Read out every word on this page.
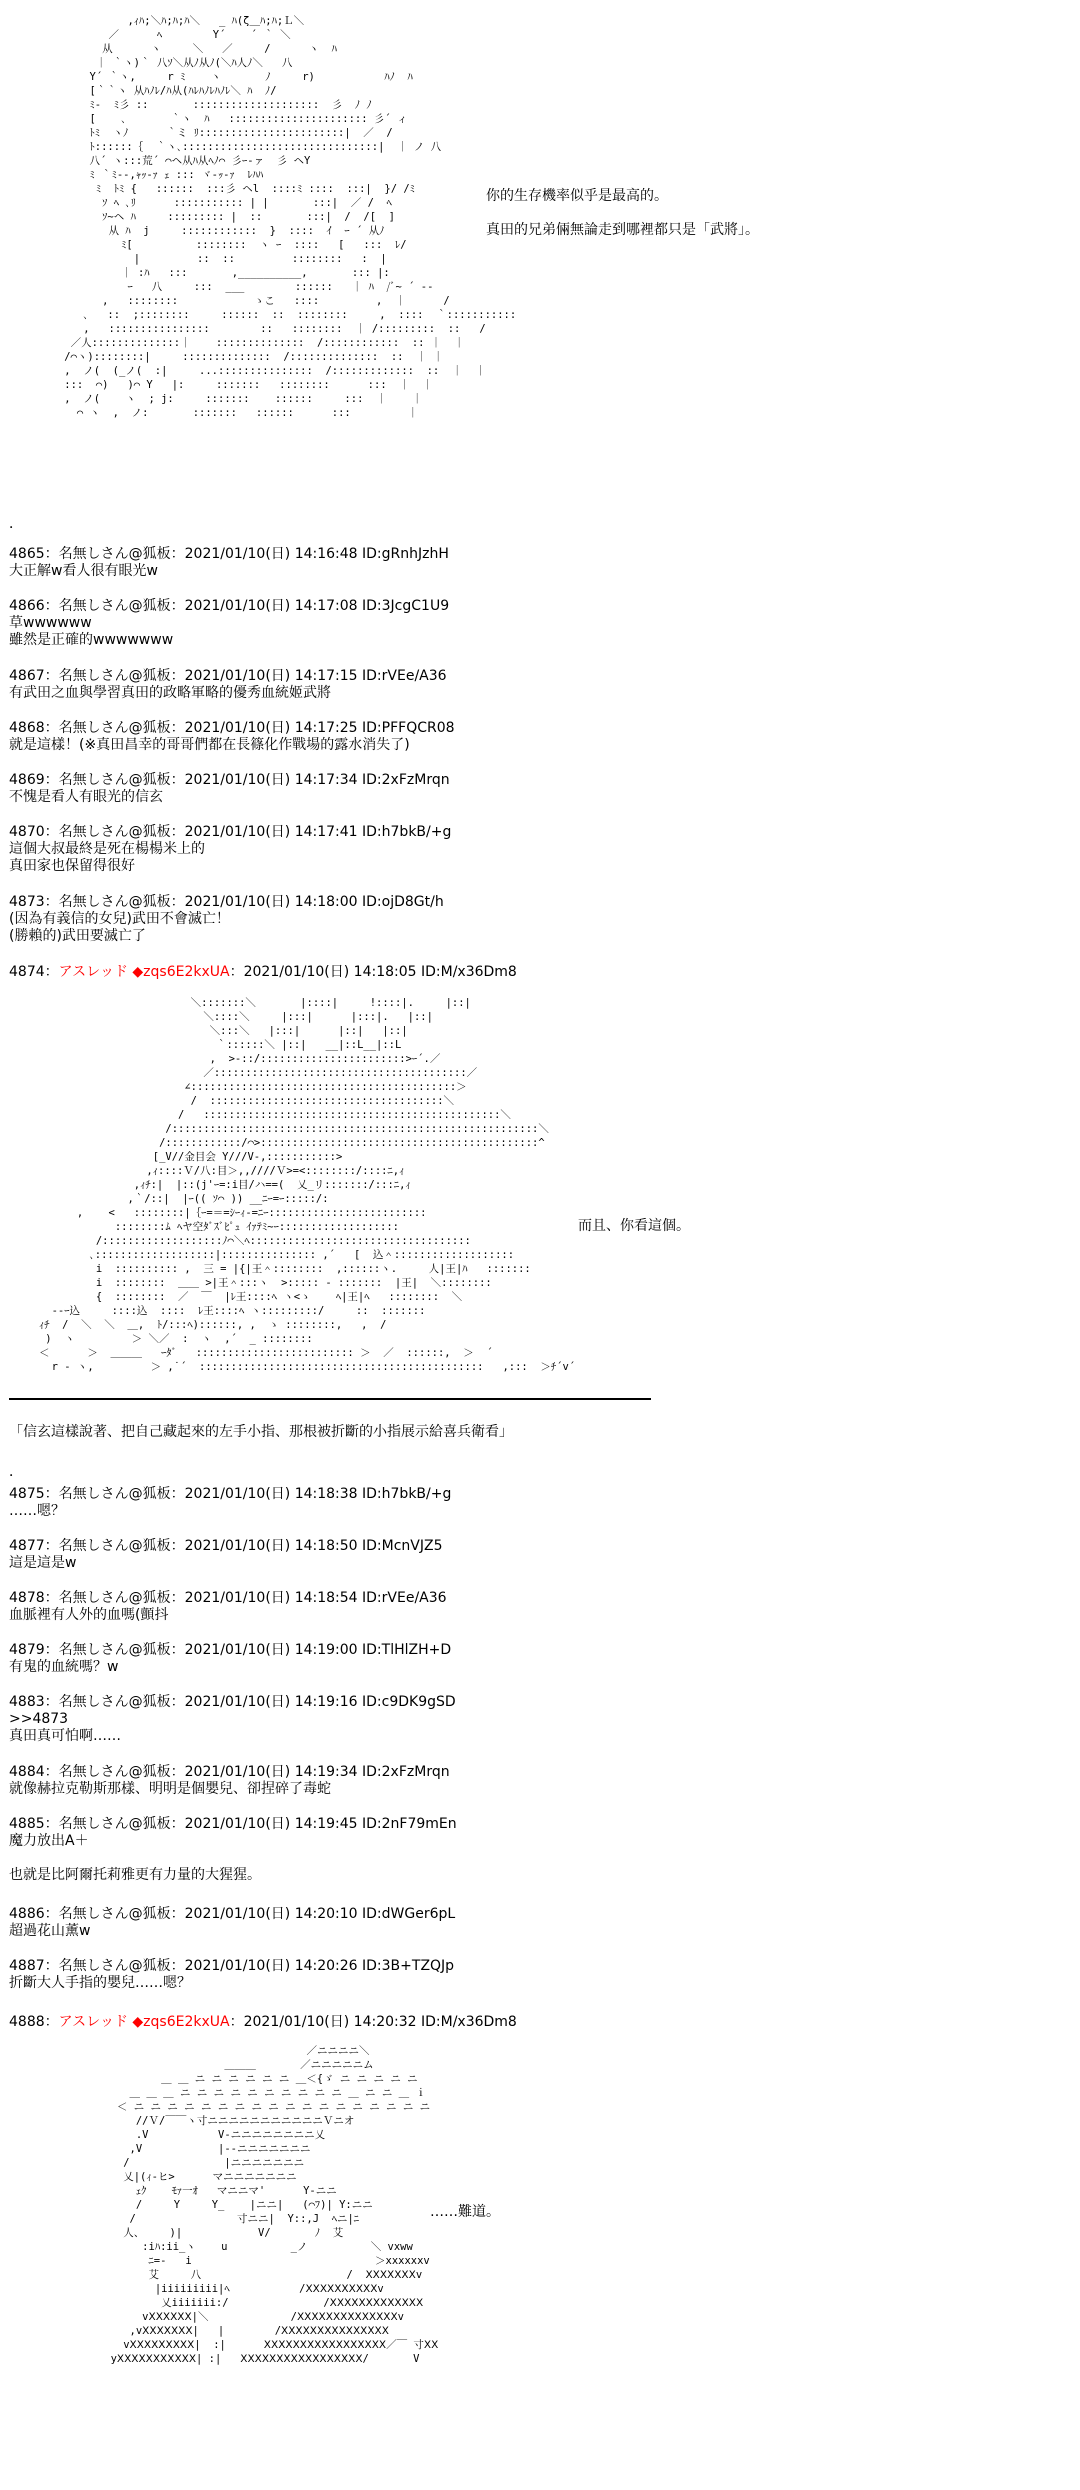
,ｨﾊ;＼ﾊ;ﾊ;ﾊ＼   _ ﾊ(ζ＿ﾊ;ﾊ;Ｌ＼
／      ﾍ        Y´    ´ ｀ ＼
从      ヽ     ＼   ／     /      ヽ  ﾊ
｜ ｀ヽ)｀ 八ｿ＼从ﾉ从ﾉ(＼ﾊ人ﾉ＼   八
Y´ ｀ヽ,     r ﾐ    ヽ       ﾉ     r)           ﾊﾉ  ﾊ
[｀｀ヽ 从ﾊﾉﾚ/ﾊ从(ﾊﾚﾊﾉﾚﾊﾉﾚ＼ ﾊ  ﾉ/
ﾐ-  ﾐ彡 ::       ::::::::::::::::::::  彡  ﾉ ﾉ
[    ､       ｀ヽ  ﾊ   :::::::::::::::::::::: 彡´ ィ
ﾄﾐ  ヽﾉ      ｀ミ ﾘ:::::::::::::::::::::::|  ／  /
ﾄ::::::｛  ｀ヽ､:::::::::::::::::::::::::::::::|  ｜ ノ 八
八´ ヽ:::荒´ ⌒ヘ从ﾊ从ﾍﾉ⌒ 彡ｰ‐ァ  彡 ヘY
ﾐ ｀ﾐ--,ｬｯ-ｧ ｪ ::: ヾ-ｯ-ｧ  ﾚﾊﾊ
ﾐ  ﾄﾐ {   ::::::  :::彡 ヘl  ::::ﾐ ::::  :::|  }/ /ﾐ
ｿ ﾍ ､ﾘ      ::::::::::: | |       :::|  ／ /  ﾍ
ｿ~ヘ ﾊ     ::::::::: |  ::       :::|  /  /[  ]
从 ﾊ  j     ::::::::::::  }  ::::  ｲ  ｰ ´ 从ﾉ
ﾐ[          ::::::::  ヽ ｰ  ::::   [   :::  ﾚ/
|         ::  ::         ::::::::   :  |
｜ :ﾊ   :::       ,__________,       ::: |:
ｰ   八     :::  ___        ::::::   ｜ ﾊ  /ﾞ~ ´ ‐‐
,   ::::::::            ゝこ   ::::         ,  ｜      /
､   ::  ;::::::::     ::::::  ::  ::::::::     ,  ::::  ｀:::::::::::
,   ::::::::::::::::        ::   ::::::::  ｜ /:::::::::  ::   /
／人::::::::::::::｜    ::::::::::::::  /::::::::::::  :: ｜  ｜
/⌒ヽ)::::::::|     ::::::::::::::  /::::::::::::::  ::  ｜ ｜
,  ノ(  (_ノ(  :|     ...:::::::::::::::  /:::::::::::::  ::  ｜  ｜
:::  ⌒)   )⌒ Y   |:     :::::::   ::::::::      :::  ｜  ｜
,  ノ(    ヽ  ; j:     :::::::    ::::::     :::  ｜    ｜
⌒ ヽ  ,  ノ:       :::::::   ::::::      :::         ｜
你的生存機率似乎是最高的。
真田的兄弟倆無論走到哪裡都只是「武將」。
．
4865：名無しさん@狐板：2021/01/10(日) 14:16:48 ID:gRnhJzhH
大正解w看人很有眼光w
4866：名無しさん@狐板：2021/01/10(日) 14:17:08 ID:3JcgC1U9
草wwwwww
雖然是正確的wwwwwww
4867：名無しさん@狐板：2021/01/10(日) 14:17:15 ID:rVEe/A36
有武田之血與學習真田的政略軍略的優秀血統姬武將
4868：名無しさん@狐板：2021/01/10(日) 14:17:25 ID:PFFQCR08
就是這樣！(※真田昌幸的哥哥們都在長篠化作戰場的露水消失了)
4869：名無しさん@狐板：2021/01/10(日) 14:17:34 ID:2xFzMrqn
不愧是看人有眼光的信玄
4870：名無しさん@狐板：2021/01/10(日) 14:17:41 ID:h7bkB/+g
這個大叔最終是死在楊楊米上的
真田家也保留得很好
4873：名無しさん@狐板：2021/01/10(日) 14:18:00 ID:ojD8Gt/h
(因為有義信的女兒)武田不會滅亡！
(勝賴的)武田要滅亡了
4874：アスレッド ◆zqs6E2kxUA：2021/01/10(日) 14:18:05 ID:M/x36Dm8
＼:::::::＼       |::::|     !::::|.     |::|
＼::::＼     |:::|      |:::|.   |::|
＼:::＼   |:::|      |::|   |::|
｀::::::＼ |::|   __|::L__|::L
,  >‐::/:::::::::::::::::::::::>ｰ´.／
／::::::::::::::::::::::::::::::::::::::::／
∠::::::::::::::::::::::::::::::::::::::::::＞
/  :::::::::::::::::::::::::::::::::::::＼
/   :::::::::::::::::::::::::::::::::::::::::::::::＼
/::::::::::::::::::::::::::::::::::::::::::::::::::::::::::＼
/::::::::::::/⌒>::::::::::::::::::::::::::::::::::::::::::::^
[_V//金目会 Y///V‐,:::::::::::>
,ｨ::::Ｖ/八:目＞,,////Ｖ>=<::::::::/::::ﾆ,ｨ
,ｨﾁ:|  |::(j'ｰ=:i目/ハ==(  乂_リ:::::::/:::ﾆ,ｨ
,｀/::|  |ｰ(( ｿ⌒ )) __ﾆｰ=ｰ:::::/:
,    <   ::::::::|｛ｰ=＝=ｼｰｨ-=ﾆｰ:::::::::::::::::::::::::
::::::::ﾑ ﾍヤ空ﾀﾞｽﾞﾋﾟｭ ｲｧﾃﾐ~ｰ:::::::::::::::::::
/:::::::::::::::::::ﾉ⌒＼ﾍ:::::::::::::::::::::::::::::::::::
､:::::::::::::::::::|::::::::::::::: ,´   [  込＾:::::::::::::::::::
i  :::::::::: ,  三 = |{|王＾::::::::  ,::::::ヽ.     人|王|ﾊ   :::::::
i  ::::::::  ＿＿ >|王＾:::ヽ  >::::: ‐ :::::::  |王|  ＼::::::::
{  ::::::::  ／  ￣  |ﾚ王::::ﾍ ヽ<ゝ    ﾍ|王|ﾍ   ::::::::  ＼
-‐ｰ込     ::::込  ::::  ﾚ王::::ﾍ ヽ:::::::::/     ::  :::::::
ｨﾁ  /  ＼  ＼  ＿,  ﾄ/:::ﾍ)::::::, ,  ゝ ::::::::,   ,  /
)  ヽ         ＞ ＼／  :  ヽ  ,´  _ ::::::::
＜      ＞  ＿＿＿   ｰﾀﾞ   ::::::::::::::::::::::::: ＞  ／  ::::::,  ＞  ´
r ‐ ヽ,         ＞ ,˙´  :::::::::::::::::::::::::::::::::::::::::::::   ,:::  ＞ﾁ´v´
而且、你看這個。
「信玄這樣說著、把自己藏起來的左手小指、那根被折斷的小指展示給喜兵衛看」
．
4875：名無しさん@狐板：2021/01/10(日) 14:18:38 ID:h7bkB/+g
……嗯？
4877：名無しさん@狐板：2021/01/10(日) 14:18:50 ID:McnVJZ5
這是這是w
4878：名無しさん@狐板：2021/01/10(日) 14:18:54 ID:rVEe/A36
血脈裡有人外的血嗎(顫抖
4879：名無しさん@狐板：2021/01/10(日) 14:19:00 ID:TlHlZH+D
有鬼的血統嗎？w
4883：名無しさん@狐板：2021/01/10(日) 14:19:16 ID:c9DK9gSD
>>4873
真田真可怕啊……
4884：名無しさん@狐板：2021/01/10(日) 14:19:34 ID:2xFzMrqn
就像赫拉克勒斯那樣、明明是個嬰兒、卻捏碎了毒蛇
4885：名無しさん@狐板：2021/01/10(日) 14:19:45 ID:2nF79mEn
魔力放出A＋

也就是比阿爾托莉雅更有力量的大猩猩。
4886：名無しさん@狐板：2021/01/10(日) 14:20:10 ID:dWGer6pL
超過花山薰w
4887：名無しさん@狐板：2021/01/10(日) 14:20:26 ID:3B+TZQJp
折斷大人手指的嬰兒……嗯？
4888：アスレッド ◆zqs6E2kxUA：2021/01/10(日) 14:20:32 ID:M/x36Dm8
／ニニニニ＼
＿＿＿       ／ニニニニニム
＿ ＿ ニ ニ ニ ニ ニ ニ ＿＜{ゞ ニ ニ ニ ニ ニ
＿ ＿ ＿ ニ ニ ニ ニ ニ ニ ニ ニ ニ ニ ＿ ニ ニ ＿ ｉ
＜ ニ ニ ニ ニ ニ ニ ニ ニ ニ ニ ニ ニ ニ ニ ニ ニ ニ ニ
//Ｖ/￣￣ヽ寸ニニニニニニニニニニニＶニオ
.V           V‐ニニニニニニニニ乂
,V            |‐‐ニニニニニニニ
/               |ニニニニニニニ
乂|(ｨ‐ヒ>      マニニニニニニニ
ｪｸ    ﾓｧ一ｵ   マニニマ'      Y‐ニニ
/     Y     Y_    |ニニ|   (⌒ﾌ)| Y:ニニ
/                寸ニニ|  Y::,J  ﾍニ|ﾆ
人、    )|            V/       ﾉ  艾
:iﾊ:ii_ヽ    u          _ノ          ＼ vxww
ﾆ=-   i                             ＞xxxxxxv
艾     八                       /  ⅩⅩⅩⅩⅩⅩⅩv
|iiiiiiiii|ﾍ           /ⅩⅩⅩⅩⅩⅩⅩⅩⅩⅩv
乂iiiiiii:/               /ⅩⅩⅩⅩⅩⅩⅩⅩⅩⅩⅩⅩⅩ
vⅩⅩⅩⅩⅩⅩ|＼             /ⅩⅩⅩⅩⅩⅩⅩⅩⅩⅩⅩⅩⅩⅩv
,vⅩⅩⅩⅩⅩⅩⅩ|   |        /ⅩⅩⅩⅩⅩⅩⅩⅩⅩⅩⅩⅩⅩⅩⅩ
vⅩⅩⅩⅩⅩⅩⅩⅩⅩ|  :|      ⅩⅩⅩⅩⅩⅩⅩⅩⅩⅩⅩⅩⅩⅩⅩⅩⅩ／￣ 寸ⅩⅩ
yⅩⅩⅩⅩⅩⅩⅩⅩⅩⅩⅩ| :|   ⅩⅩⅩⅩⅩⅩⅩⅩⅩⅩⅩⅩⅩⅩⅩⅩⅩ/       V
……難道。
